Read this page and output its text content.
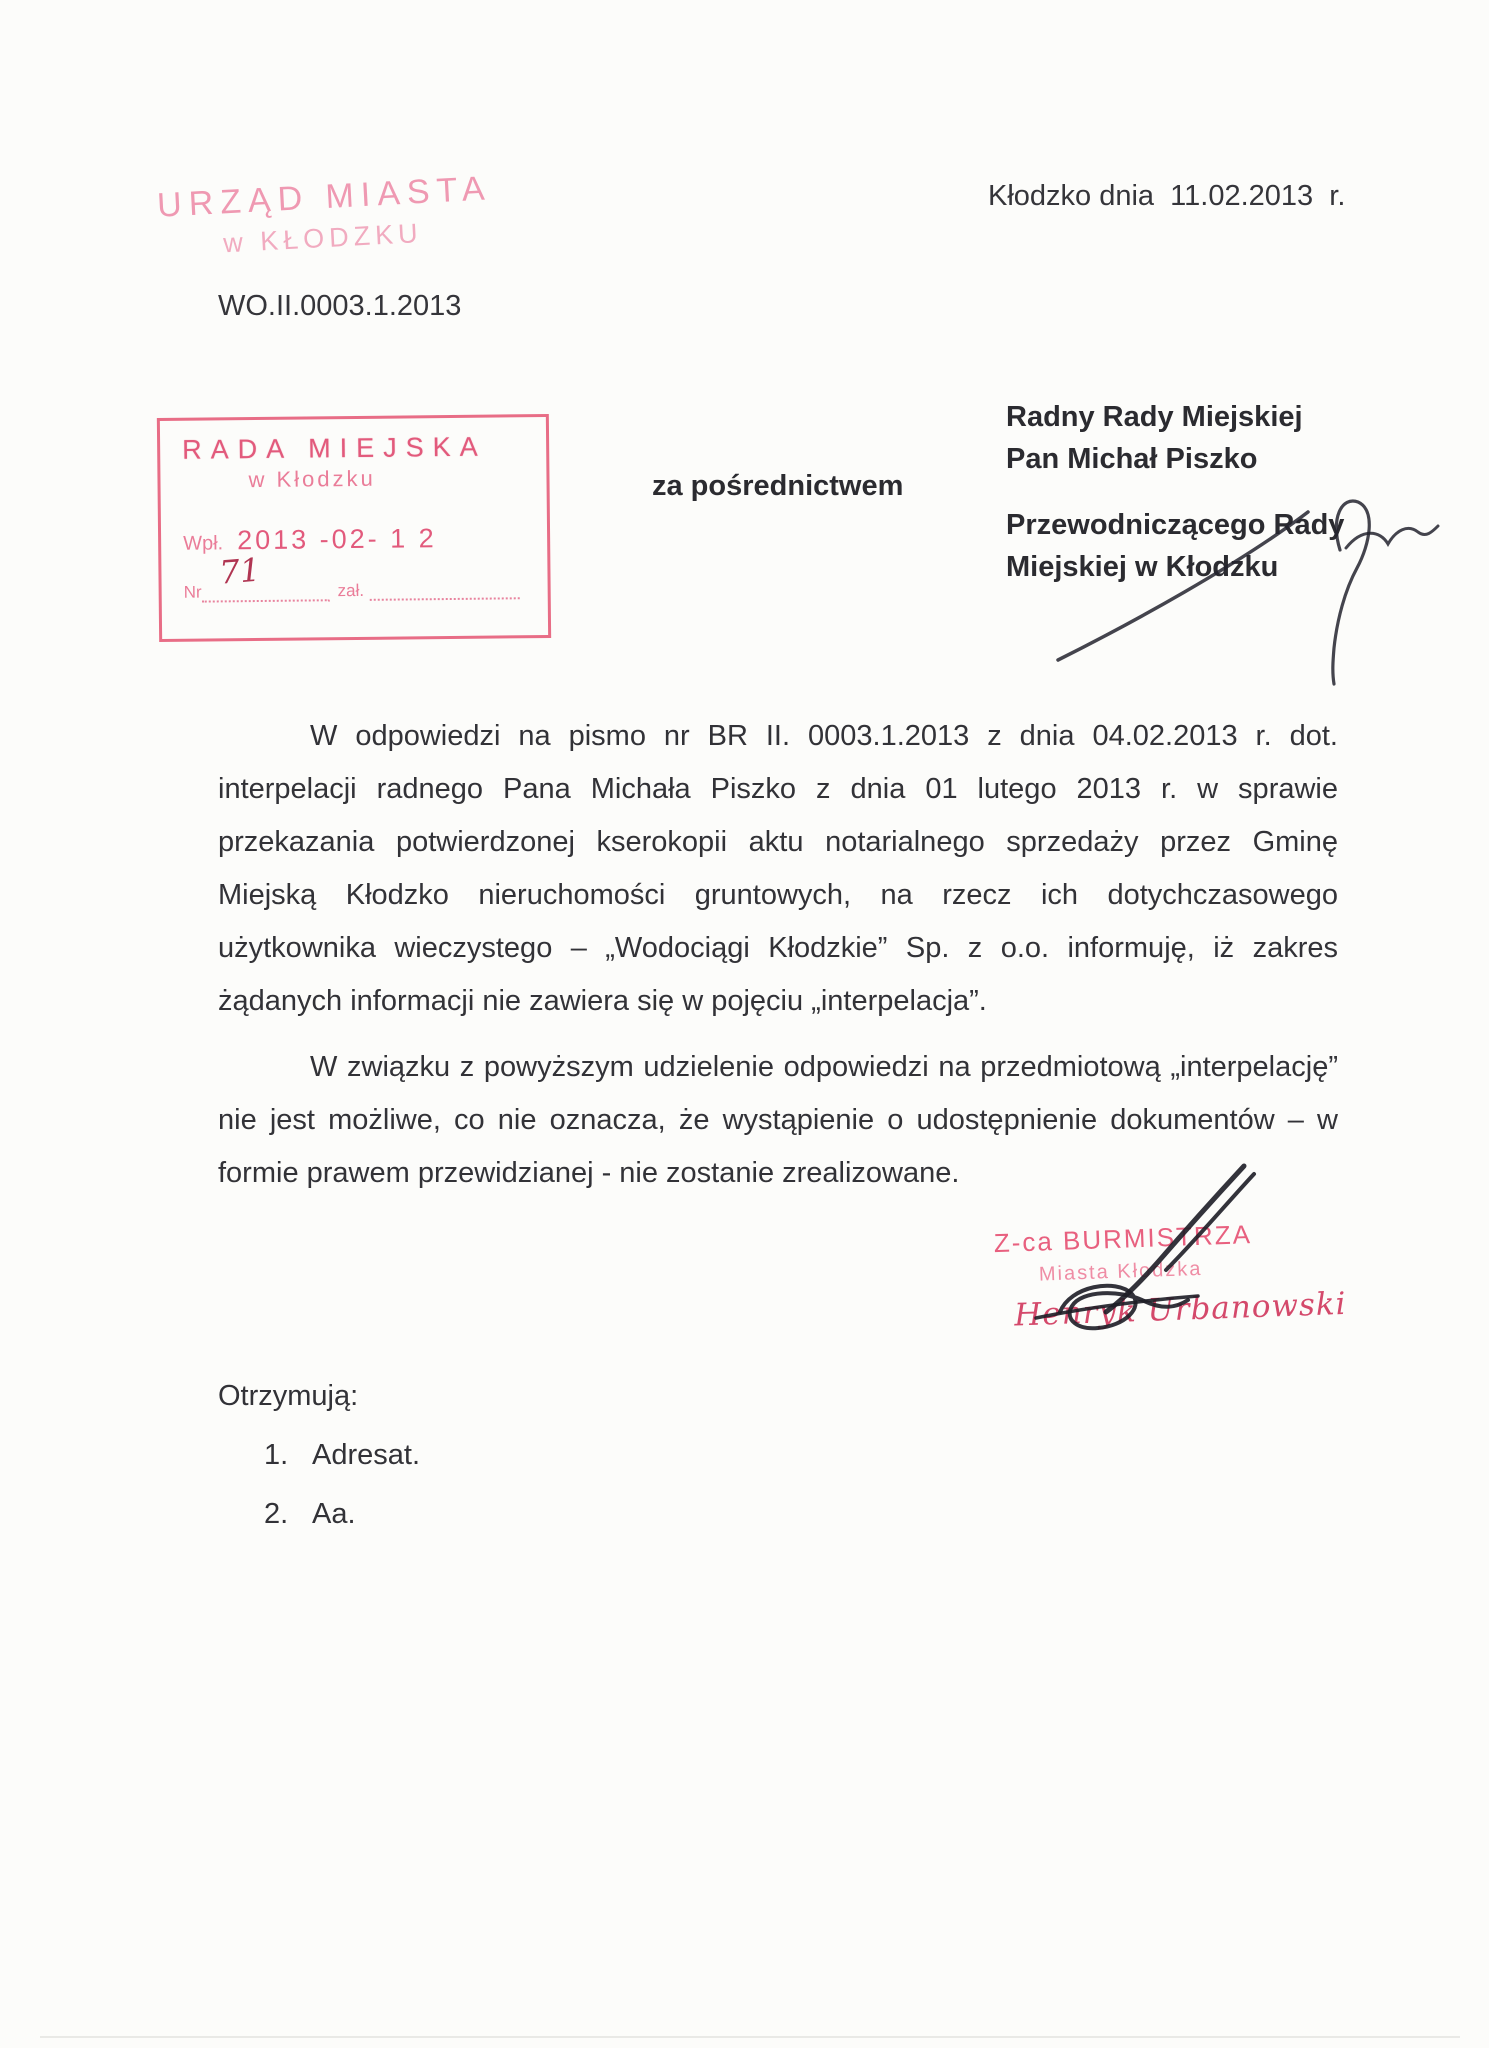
URZĄD MIASTA
w KŁODZKU
Kłodzko dnia  11.02.2013  r.
WO.II.0003.1.2013
RADA MIEJSKA
w Kłodzku
Wpł. 2013 -02- 1 2
Nr
71	zał.
za pośrednictwem
Radny Rady Miejskiej
Pan Michał Piszko
Przewodniczącego Rady
Miejskiej w Kłodzku

W odpowiedzi na pismo nr BR II. 0003.1.2013 z dnia 04.02.2013 r. dot. interpelacji radnego Pana Michała Piszko z dnia 01 lutego 2013 r. w sprawie przekazania potwierdzonej kserokopii aktu notarialnego sprzedaży przez Gminę Miejską Kłodzko nieruchomości gruntowych, na rzecz ich dotychczasowego użytkownika wieczystego – „Wodociągi Kłodzkie” Sp. z o.o. informuję, iż zakres żądanych informacji nie zawiera się w pojęciu „interpelacja”.

W związku z powyższym udzielenie odpowiedzi na przedmiotową „interpelację” nie jest możliwe, co nie oznacza, że wystąpienie o udostępnienie dokumentów – w formie prawem przewidzianej - nie zostanie zrealizowane.

Z-ca BURMISTRZA
Miasta Kłodzka
Henryk Urbanowski
Otrzymują:
1. Adresat.
2. Aa.
